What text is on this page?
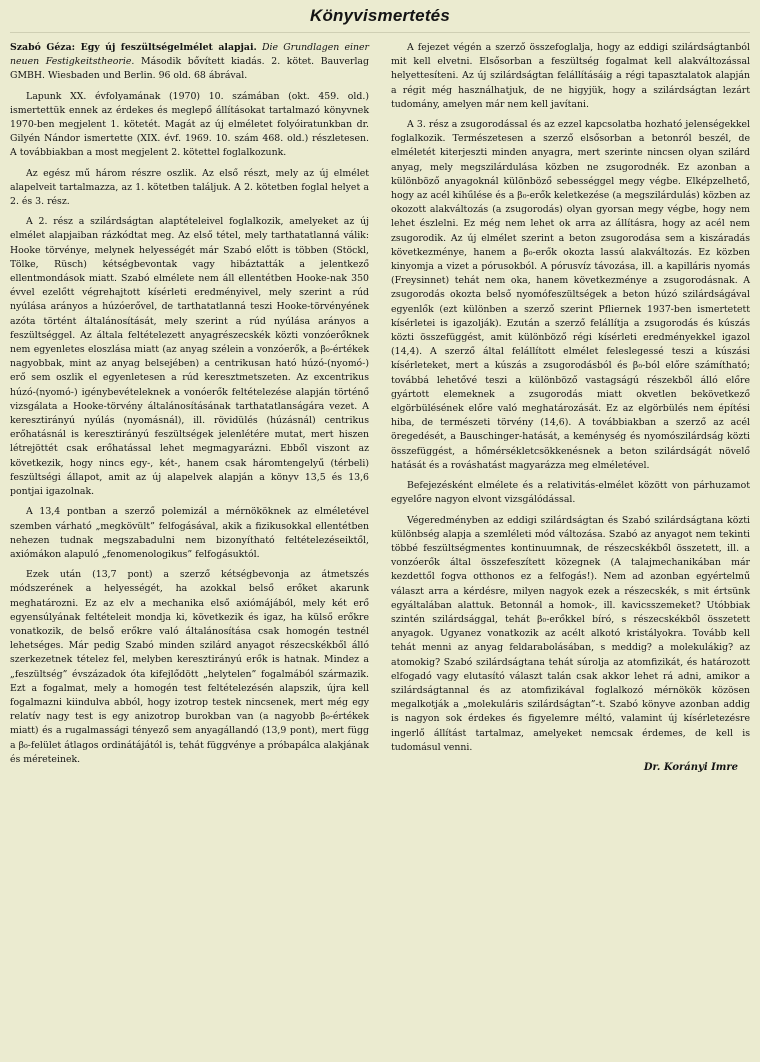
Könyvismertetés

Szabó Géza: Egy új feszültségelmélet alapjai. Die Grundlagen einer neuen Festigkeitstheorie. Második bővített kiadás. 2. kötet. Bauverlag GMBH. Wiesbaden und Berlin. 96 old. 68 ábrával.

Lapunk XX. évfolyamának (1970) 10. számában (okt. 459. old.) ismertettük ennek az érdekes és meglepő állításokat tartalmazó könyvnek 1970-ben megjelent 1. kötetét. Magát az új elméletet folyóiratunkban dr. Gilyén Nándor ismertette (XIX. évf. 1969. 10. szám 468. old.) részletesen. A továbbiakban a most megjelent 2. kötettel foglalkozunk.

Az egész mű három részre oszlik. Az első részt, mely az új elmélet alapelveit tartalmazza, az 1. kötetben találjuk. A 2. kötetben foglal helyet a 2. és 3. rész.

A 2. rész a szilárdságtan alaptételeivel foglalkozik, amelyeket az új elmélet alapjaiban rázkódtat meg. Az első tétel, mely tarthatatlanná válik: Hooke törvénye, melynek helyességét már Szabó előtt is többen (Stöckl, Tölke, Rüsch) kétségbevontak vagy hibáztatták a jelentkező ellentmondások miatt. Szabó elmélete nem áll ellentétben Hooke-nak 350 évvel ezelőtt végrehajtott kísérleti eredményivel, mely szerint a rúd nyúlása arányos a húzóerővel, de tarthatatlanná teszi Hooke-törvényének azóta történt általánosítását, mely szerint a rúd nyúlása arányos a feszültséggel. Az általa feltételezett anyagrészecskék közti vonzóerőknek nem egyenletes eloszlása miatt (az anyag szélein a vonzóerők, a β₀-értékek nagyobbak, mint az anyag belsejében) a centrikusan ható húzó-(nyomó-) erő sem oszlik el egyenletesen a rúd keresztmetszeten. Az excentrikus húzó-(nyomó-) igénybevételeknek a vonóerők feltételezése alapján történő vizsgálata a Hooke-törvény általánosításának tarthatatlanságára vezet. A keresztirányú nyúlás (nyomásnál), ill. rövidülés (húzásnál) centrikus erőhatásnál is keresztirányú feszültségek jelenlétére mutat, mert hiszen létrejöttét csak erőhatással lehet megmagyarázni. Ebből viszont az következik, hogy nincs egy-, két-, hanem csak háromtengelyű (térbeli) feszültségi állapot, amit az új alapelvek alapján a könyv 13,5 és 13,6 pontjai igazolnak.

A 13,4 pontban a szerző polemizál a mérnököknek az elméletével szemben várható „megkövült” felfogásával, akik a fizikusokkal ellentétben nehezen tudnak megszabadulni nem bizonyítható feltételezéseiktől, axiómákon alapuló „fenomenologikus” felfogásuktól.

Ezek után (13,7 pont) a szerző kétségbevonja az átmetszés módszerének a helyességét, ha azokkal belső erőket akarunk meghatározni. Ez az elv a mechanika első axiómájából, mely két erő egyensúlyának feltételeit mondja ki, következik és igaz, ha külső erőkre vonatkozik, de belső erőkre való általánosítása csak homogén testnél lehetséges. Már pedig Szabó minden szilárd anyagot részecskékből álló szerkezetnek tételez fel, melyben keresztirányú erők is hatnak. Mindez a „feszültség” évszázadok óta kifejlődött „helytelen” fogalmából származik. Ezt a fogalmat, mely a homogén test feltételezésén alapszik, újra kell fogalmazni kiindulva abból, hogy izotrop testek nincsenek, mert még egy relatív nagy test is egy anizotrop burokban van (a nagyobb β₀-értékek miatt) és a rugalmassági tényező sem anyagállandó (13,9 pont), mert függ a β₀-felület átlagos ordinátájától is, tehát függvénye a próbapálca alakjának és méreteinek.

A fejezet végén a szerző összefoglalja, hogy az eddigi szilárdságtanból mit kell elvetni. Elsősorban a feszültség fogalmat kell alakváltozással helyettesíteni. Az új szilárdságtan felállításáig a régi tapasztalatok alapján a régit még használhatjuk, de ne higyjük, hogy a szilárdságtan lezárt tudomány, amelyen már nem kell javítani.

A 3. rész a zsugorodással és az ezzel kapcsolatba hozható jelenségekkel foglalkozik. Természetesen a szerző elsősorban a betonról beszél, de elméletét kiterjeszti minden anyagra, mert szerinte nincsen olyan szilárd anyag, mely megszilárdulása közben ne zsugorodnék. Ez azonban a különböző anyagoknál különböző sebességgel megy végbe. Elképzelhető, hogy az acél kihűlése és a β₀-erők keletkezése (a megszilárdulás) közben az okozott alakváltozás (a zsugorodás) olyan gyorsan megy végbe, hogy nem lehet észlelni. Ez még nem lehet ok arra az állításra, hogy az acél nem zsugorodik. Az új elmélet szerint a beton zsugorodása sem a kiszáradás következménye, hanem a β₀-erők okozta lassú alakváltozás. Ez közben kinyomja a vizet a pórusokból. A pórusvíz távozása, ill. a kapilláris nyomás (Freysinnet) tehát nem oka, hanem következménye a zsugorodásnak. A zsugorodás okozta belső nyomófeszültségek a beton húzó szilárdságával egyenlők (ezt különben a szerző szerint Pfliernek 1937-ben ismertetett kísérletei is igazolják). Ezután a szerző felállítja a zsugorodás és kúszás közti összefüggést, amit különböző régi kísérleti eredményekkel igazol (14,4). A szerző által felállított elmélet feleslegessé teszi a kúszási kísérleteket, mert a kúszás a zsugorodásból és β₀-ból előre számítható; továbbá lehetővé teszi a különböző vastagságú részekből álló előre gyártott elemeknek a zsugorodás miatt okvetlen bekövetkező elgörbülésének előre való meghatározását. Ez az elgörbülés nem építési hiba, de természeti törvény (14,6). A továbbiakban a szerző az acél öregedését, a Bauschinger-hatását, a keménység és nyomószilárdság közti összefüggést, a hőmérsékletcsökkenésnek a beton szilárdságát növelő hatását és a rováshatást magyarázza meg elméletével.

Befejezésként elmélete és a relativitás-elmélet között von párhuzamot egyelőre nagyon elvont vizsgálódással.

Végeredményben az eddigi szilárdságtan és Szabó szilárdságtana közti különbség alapja a szemléleti mód változása. Szabó az anyagot nem tekinti többé feszültségmentes kontinuumnak, de részecskékből összetett, ill. a vonzóerők által összefeszített közegnek (A talajmechanikában már kezdettől fogva otthonos ez a felfogás!). Nem ad azonban egyértelmű választ arra a kérdésre, milyen nagyok ezek a részecskék, s mit értsünk egyáltalában alattuk. Betonnál a homok-, ill. kavicsszemeket? Utóbbiak szintén szilárdsággal, tehát β₀-erőkkel bíró, s részecskékből összetett anyagok. Ugyanez vonatkozik az acélt alkotó kristályokra. Tovább kell tehát menni az anyag feldarabolásában, s meddig? a molekulákig? az atomokig? Szabó szilárdságtana tehát súrolja az atomfizikát, és határozott elfogadó vagy elutasító választ talán csak akkor lehet rá adni, amikor a szilárdságtannal és az atomfizikával foglalkozó mérnökök közösen megalkotják a „molekuláris szilárdságtan”-t. Szabó könyve azonban addig is nagyon sok érdekes és figyelemre méltó, valamint új kísérletezésre ingerlő állítást tartalmaz, amelyeket nemcsak érdemes, de kell is tudomásul venni.

Dr. Korányi Imre
